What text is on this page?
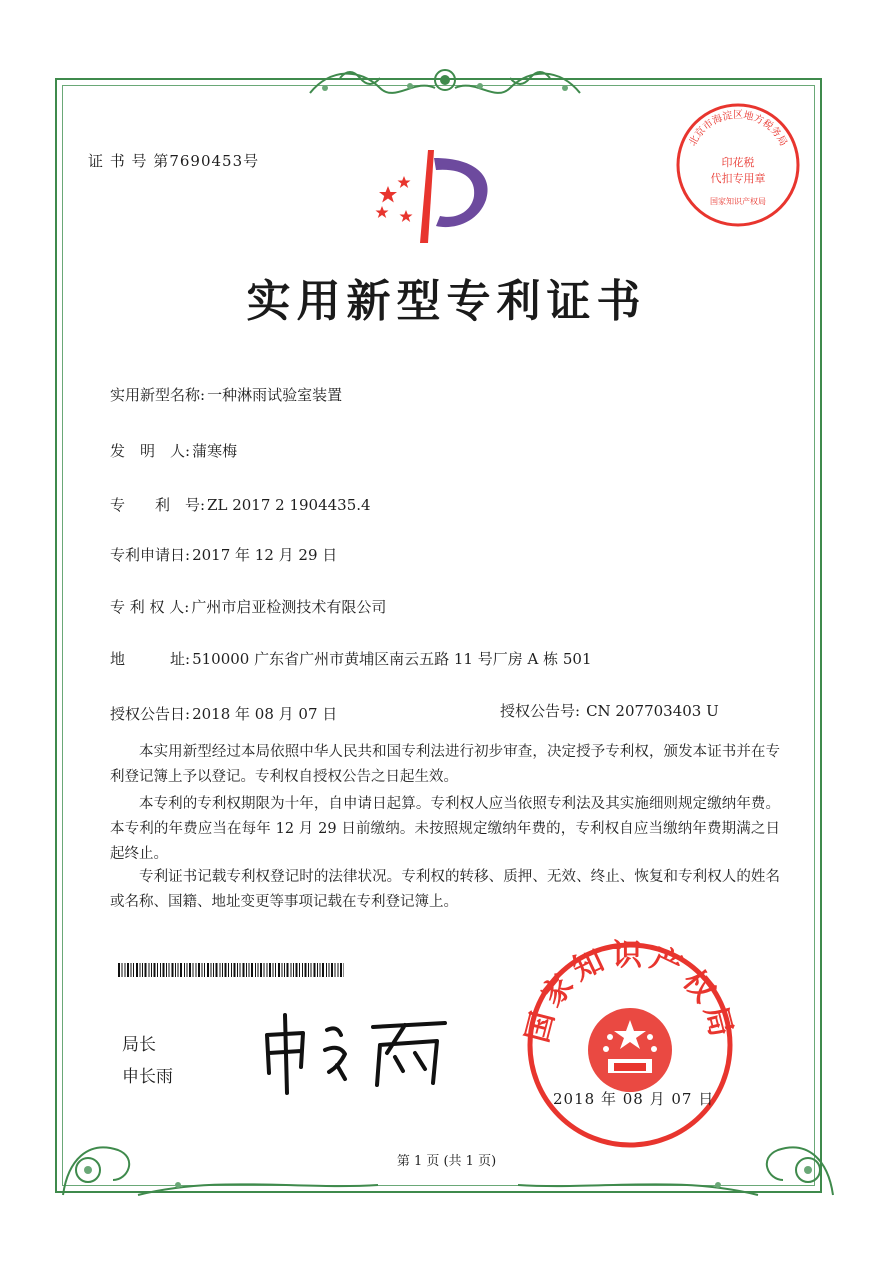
证 书 号 第7690453号
北京市海淀区地方税务局
印花税
代扣专用章
国家知识产权局
实用新型专利证书
实用新型名称: 一种淋雨试验室装置
发　明　人: 蒲寒梅
专　　利　号: ZL 2017 2 1904435.4
专利申请日: 2017 年 12 月 29 日
专 利 权 人: 广州市启亚检测技术有限公司
地　　　址: 510000 广东省广州市黄埔区南云五路 11 号厂房 A 栋 501
授权公告日: 2018 年 08 月 07 日	授权公告号: CN 207703403 U
本实用新型经过本局依照中华人民共和国专利法进行初步审查，决定授予专利权，颁发本证书并在专利登记簿上予以登记。专利权自授权公告之日起生效。
本专利的专利权期限为十年，自申请日起算。专利权人应当依照专利法及其实施细则规定缴纳年费。本专利的年费应当在每年 12 月 29 日前缴纳。未按照规定缴纳年费的，专利权自应当缴纳年费期满之日起终止。
专利证书记载专利权登记时的法律状况。专利权的转移、质押、无效、终止、恢复和专利权人的姓名或名称、国籍、地址变更等事项记载在专利登记簿上。
局长
申长雨
国家知识产权局
2018 年 08 月 07 日
第 1 页 (共 1 页)
